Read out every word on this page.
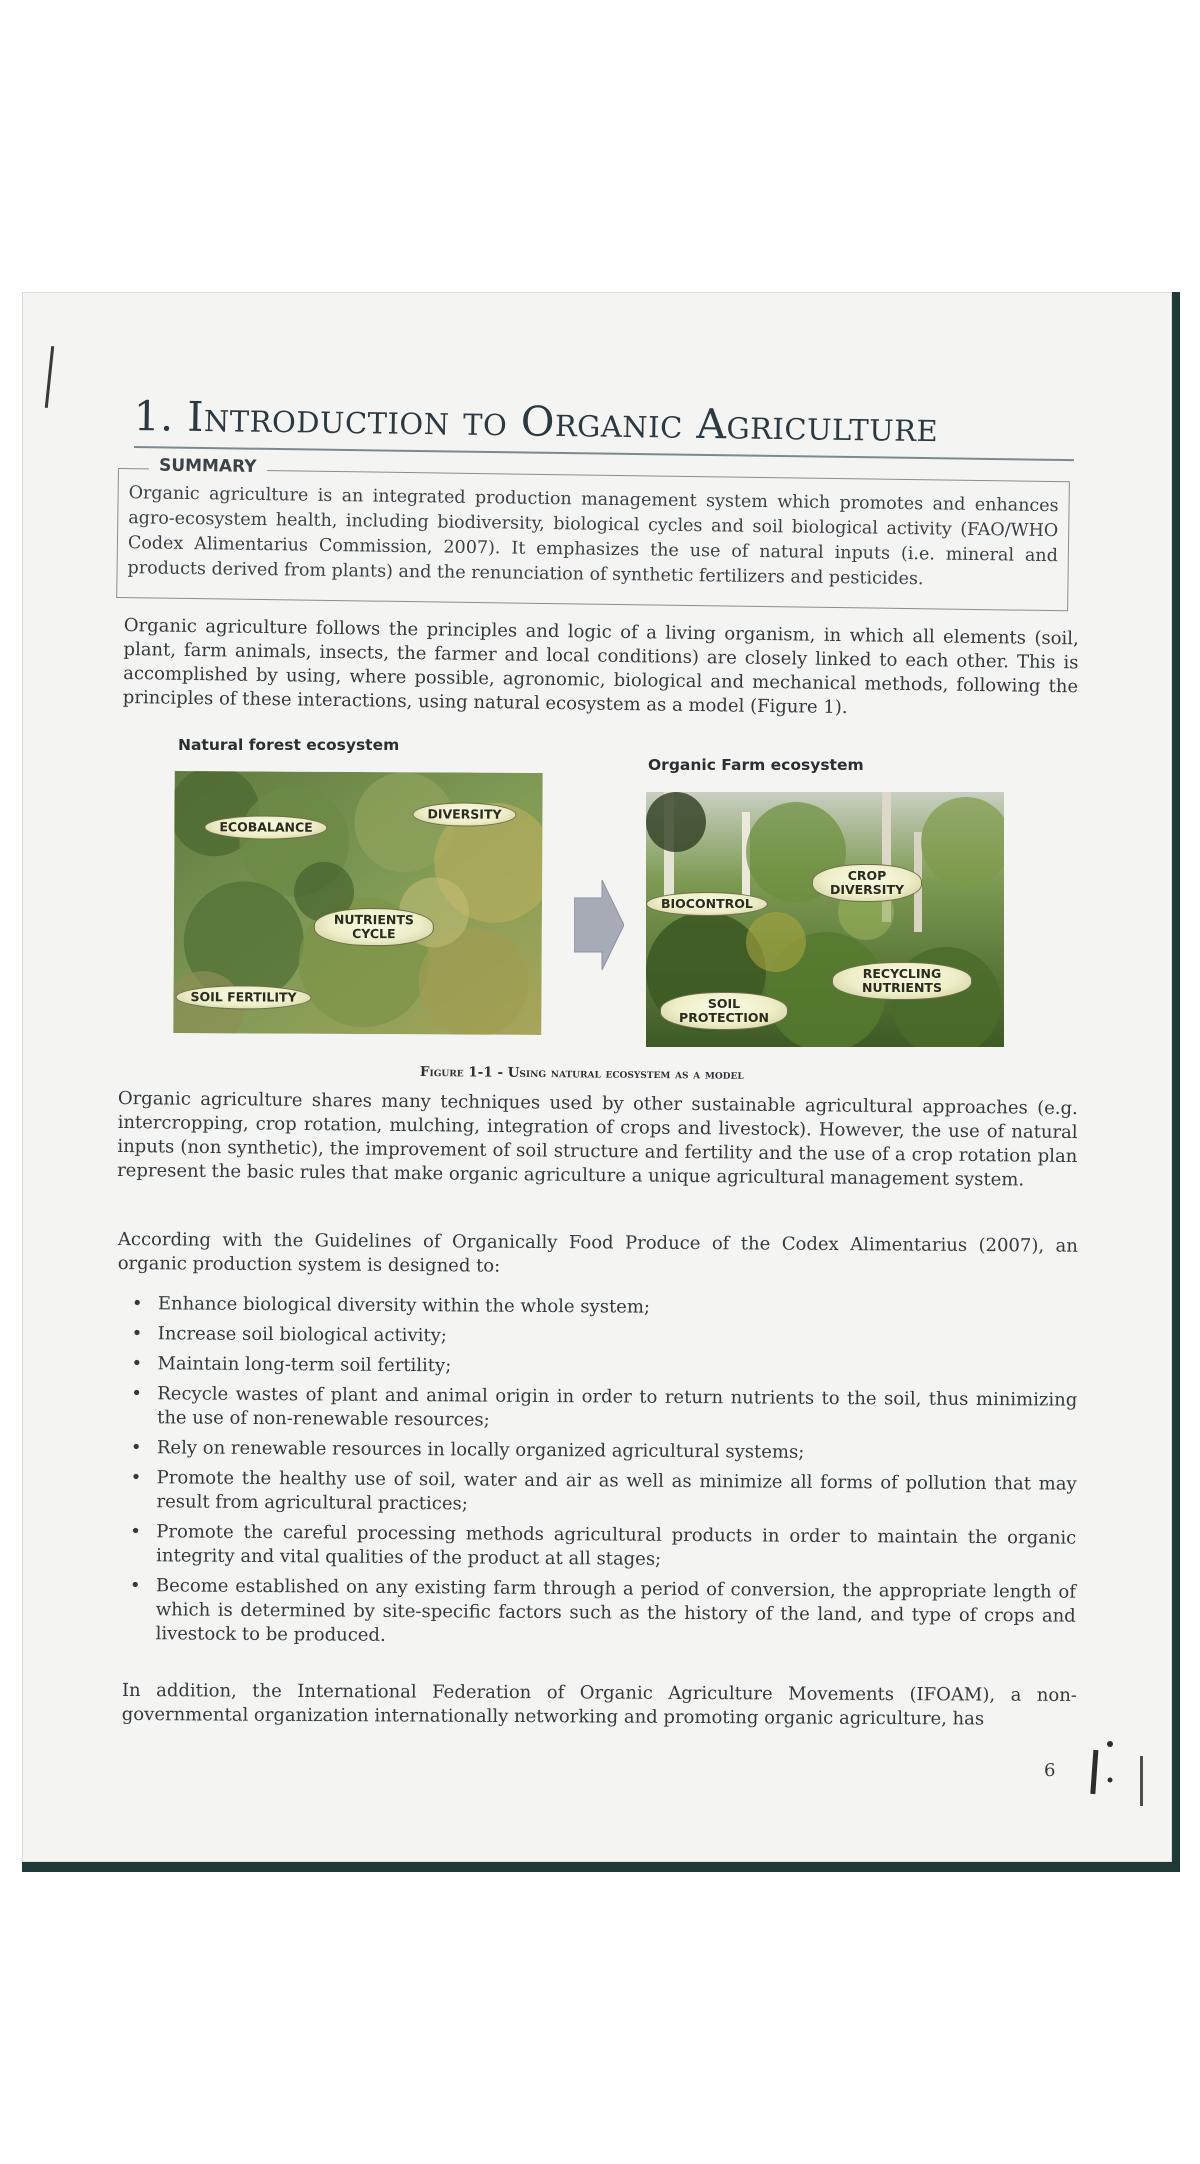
1. Introduction to Organic Agriculture
SUMMARY
Organic agriculture is an integrated production management system which promotes and enhances agro-ecosystem health, including biodiversity, biological cycles and soil biological activity (FAO/WHO Codex Alimentarius Commission, 2007). It emphasizes the use of natural inputs (i.e. mineral and products derived from plants) and the renunciation of synthetic fertilizers and pesticides.
Organic agriculture follows the principles and logic of a living organism, in which all elements (soil, plant, farm animals, insects, the farmer and local conditions) are closely linked to each other. This is accomplished by using, where possible, agronomic, biological and mechanical methods, following the principles of these interactions, using natural ecosystem as a model (Figure 1).
Natural forest ecosystem
Organic Farm ecosystem
ECOBALANCE
DIVERSITY
NUTRIENTS CYCLE
SOIL FERTILITY
BIOCONTROL
CROP DIVERSITY
RECYCLING NUTRIENTS
SOIL PROTECTION
Figure 1-1 - Using natural ecosystem as a model
Organic agriculture shares many techniques used by other sustainable agricultural approaches (e.g. intercropping, crop rotation, mulching, integration of crops and livestock). However, the use of natural inputs (non synthetic), the improvement of soil structure and fertility and the use of a crop rotation plan represent the basic rules that make organic agriculture a unique agricultural management system.
According with the Guidelines of Organically Food Produce of the Codex Alimentarius (2007), an organic production system is designed to:
• Enhance biological diversity within the whole system;
• Increase soil biological activity;
• Maintain long-term soil fertility;
• Recycle wastes of plant and animal origin in order to return nutrients to the soil, thus minimizing the use of non-renewable resources;
• Rely on renewable resources in locally organized agricultural systems;
• Promote the healthy use of soil, water and air as well as minimize all forms of pollution that may result from agricultural practices;
• Promote the careful processing methods agricultural products in order to maintain the organic integrity and vital qualities of the product at all stages;
• Become established on any existing farm through a period of conversion, the appropriate length of which is determined by site-specific factors such as the history of the land, and type of crops and livestock to be produced.
In addition, the International Federation of Organic Agriculture Movements (IFOAM), a non-governmental organization internationally networking and promoting organic agriculture, has
6
